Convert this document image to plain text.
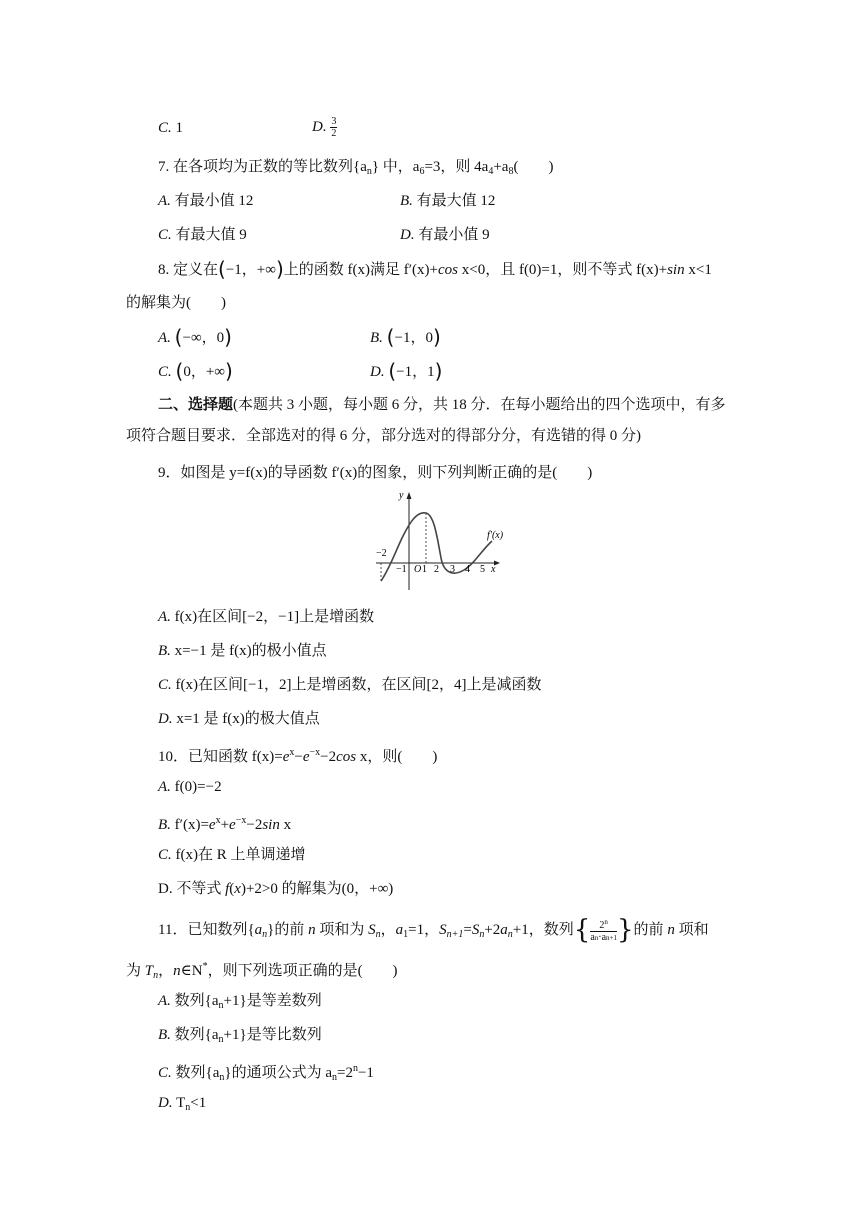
C. 1	D. $\frac{3}{2}$
7. 在各项均为正数的等比数列$\{a_n\}$ 中，$a_6=3$，则 $4a_4+a_8$(　　)
A. 有最小值 12	B. 有最大值 12
C. 有最大值 9	D. 有最小值 9
8. 定义在(−1，+∞)上的函数 f(x)满足 f′(x)+cos x<0，且 f(0)=1，则不等式 f(x)+sin x<1
的解集为(　　)
A. (−∞，0)	B. (−1，0)
C. (0，+∞)	D. (−1，1)
二、选择题(本题共 3 小题，每小题 6 分，共 18 分．在每小题给出的四个选项中，有多
项符合题目要求．全部选对的得 6 分，部分选对的得部分分，有选错的得 0 分)
9．如图是 y=f(x)的导函数 f′(x)的图象，则下列判断正确的是(　　)
y
x
f′(x)
−2
−1 O 1 2 3 4 5
A. f(x)在区间[−2，−1]上是增函数
B. x=−1 是 f(x)的极小值点
C. f(x)在区间[−1，2]上是增函数，在区间[2，4]上是减函数
D. x=1 是 f(x)的极大值点
10．已知函数 $f(x)=e^x-e^{-x}-2\cos$ x，则(　　)
A. f(0)=−2
B. $f'(x)=e^x+e^{-x}-2\sin$ x
C. f(x)在 R 上单调递增
D. 不等式 f(x)+2>0 的解集为(0，+∞)
11．已知数列$\{a_n\}$的前 n 项和为 $S_n$，$a_1=1$，$S_{n+1}=S_n+2a_n+1$，数列{ $\frac{2^n}{an\cdot an+1}$ }的前 n 项和
为 $T_n$，n∈N*，则下列选项正确的是(　　)
A. 数列$\{a_n+1\}$是等差数列
B. 数列$\{a_n+1\}$是等比数列
C. 数列$\{a_n\}$的通项公式为 $a_n=2^n-1$
D. $T_n<1$
